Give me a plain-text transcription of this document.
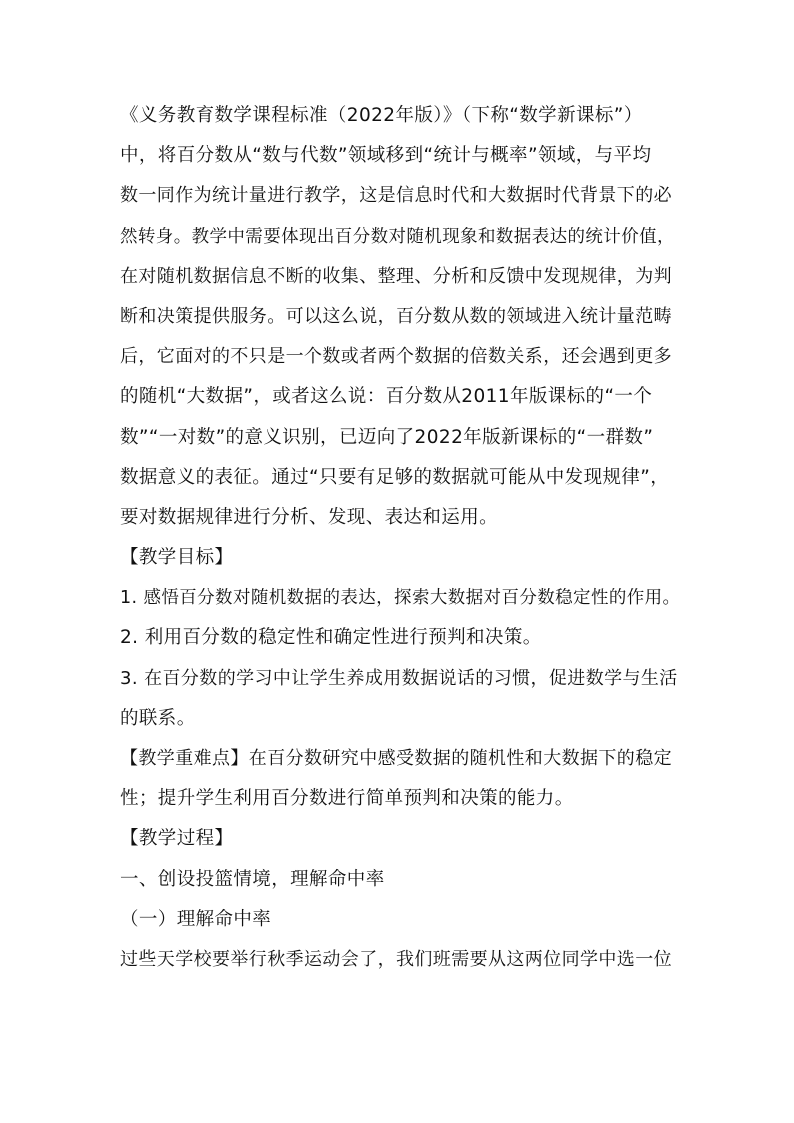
《义务教育数学课程标准（2022年版）》（下称“数学新课标”）
中，将百分数从“数与代数”领域移到“统计与概率”领域，与平均
数一同作为统计量进行教学，这是信息时代和大数据时代背景下的必
然转身。教学中需要体现出百分数对随机现象和数据表达的统计价值，
在对随机数据信息不断的收集、整理、分析和反馈中发现规律，为判
断和决策提供服务。可以这么说，百分数从数的领域进入统计量范畴
后，它面对的不只是一个数或者两个数据的倍数关系，还会遇到更多
的随机“大数据”，或者这么说：百分数从2011年版课标的“一个
数”“一对数”的意义识别，已迈向了2022年版新课标的“一群数”
数据意义的表征。通过“只要有足够的数据就可能从中发现规律”，
要对数据规律进行分析、发现、表达和运用。
【教学目标】
1. 感悟百分数对随机数据的表达，探索大数据对百分数稳定性的作用。
2. 利用百分数的稳定性和确定性进行预判和决策。
3. 在百分数的学习中让学生养成用数据说话的习惯，促进数学与生活
的联系。
【教学重难点】在百分数研究中感受数据的随机性和大数据下的稳定
性；提升学生利用百分数进行简单预判和决策的能力。
【教学过程】
一、创设投篮情境，理解命中率
（一）理解命中率
过些天学校要举行秋季运动会了，我们班需要从这两位同学中选一位
